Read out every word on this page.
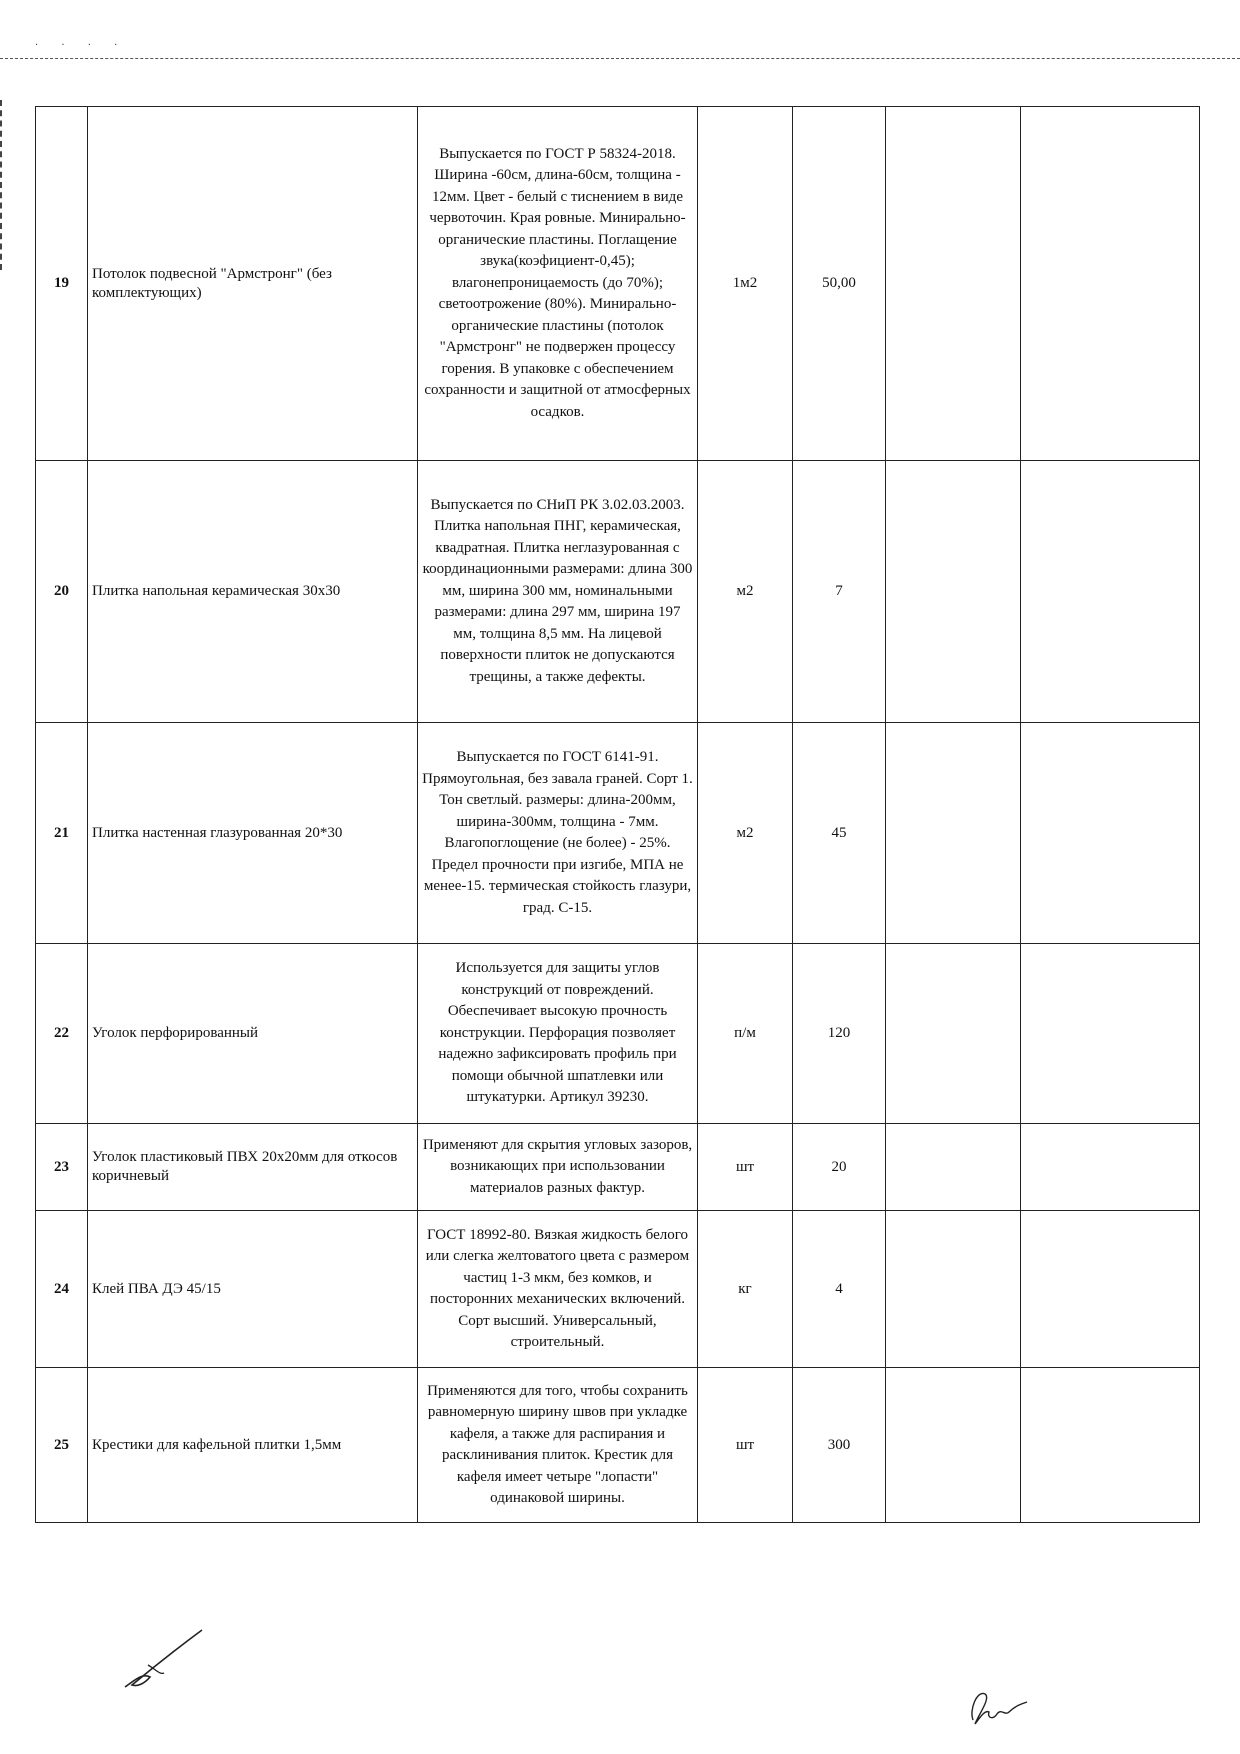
· · · ·
19	Потолок подвесной "Армстронг" (без комплектующих)	Выпускается по ГОСТ Р 58324-2018. Ширина -60см, длина-60см, толщина - 12мм. Цвет - белый с тиснением в виде червоточин. Края ровные. Минирально-органические пластины. Поглащение звука(коэфициент-0,45); влагонепроницаемость (до 70%); светоотрожение (80%). Минирально-органические пластины (потолок "Армстронг" не подвержен процессу горения. В упаковке с обеспечением сохранности и защитной от атмосферных осадков.	1м2	50,00		
20	Плитка напольная керамическая 30х30	Выпускается по СНиП РК 3.02.03.2003. Плитка напольная ПНГ, керамическая, квадратная. Плитка неглазурованная с координационными размерами: длина 300 мм, ширина 300 мм, номинальными размерами: длина 297 мм, ширина 197 мм, толщина 8,5 мм. На лицевой поверхности плиток не допускаются трещины, а также дефекты.	м2	7		
21	Плитка настенная глазурованная 20*30	Выпускается по ГОСТ 6141-91. Прямоугольная, без завала граней. Сорт 1. Тон светлый. размеры: длина-200мм, ширина-300мм, толщина - 7мм. Влагопоглощение (не более) - 25%. Предел прочности при изгибе, МПА не менее-15. термическая стойкость глазури, град. С-15.	м2	45		
22	Уголок перфорированный	Используется для защиты углов конструкций от повреждений. Обеспечивает высокую прочность конструкции. Перфорация позволяет надежно зафиксировать профиль при помощи обычной шпатлевки или штукатурки. Артикул 39230.	п/м	120		
23	Уголок пластиковый ПВХ 20х20мм для откосов коричневый	Применяют для скрытия угловых зазоров, возникающих при использовании материалов разных фактур.	шт	20		
24	Клей ПВА ДЭ 45/15	ГОСТ 18992-80. Вязкая жидкость белого или слегка желтоватого цвета с размером частиц 1-3 мкм, без комков, и посторонних механических включений. Сорт высший. Универсальный, строительный.	кг	4		
25	Крестики для кафельной плитки 1,5мм	Применяются для того, чтобы сохранить равномерную ширину швов при укладке кафеля, а также для распирания и расклинивания плиток. Крестик для кафеля имеет четыре "лопасти" одинаковой ширины.	шт	300		
